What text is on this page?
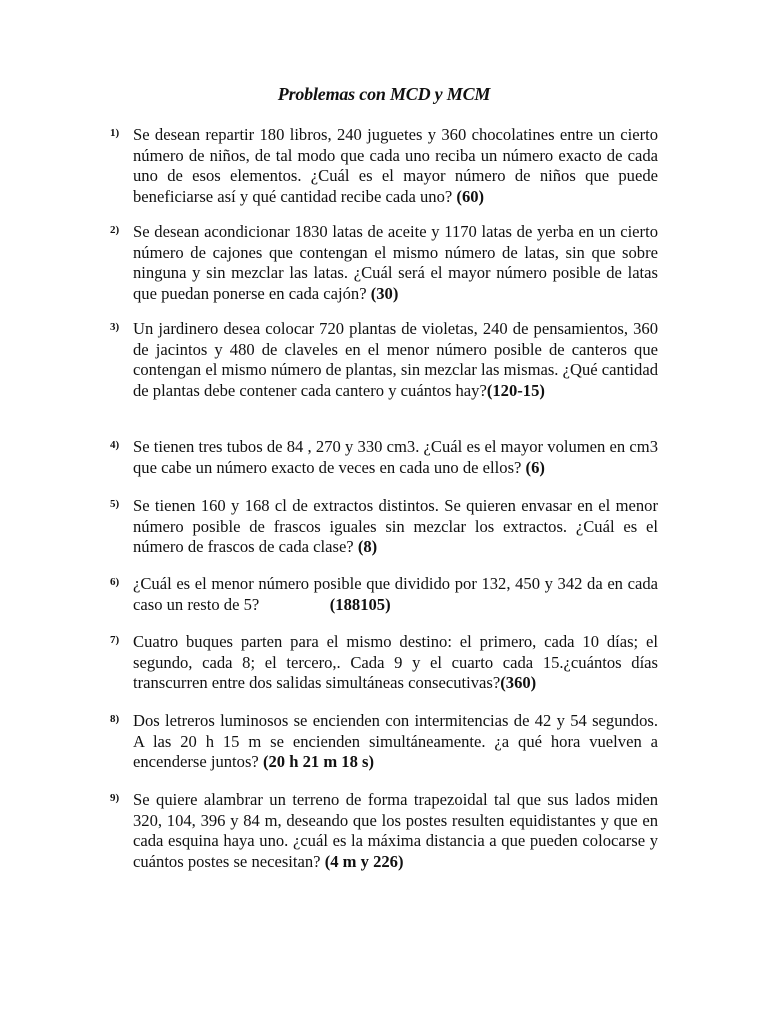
Problemas con MCD y MCM
1) Se desean repartir 180 libros, 240 juguetes y 360 chocolatines entre un cierto número de niños, de tal modo que cada uno reciba un número exacto de cada uno de esos elementos. ¿Cuál es el mayor número de niños que puede beneficiarse así y qué cantidad recibe cada uno? (60)
2) Se desean acondicionar 1830 latas de aceite y 1170 latas de yerba en un cierto número de cajones que contengan el mismo número de latas, sin que sobre ninguna y sin mezclar las latas. ¿Cuál será el mayor número posible de latas que puedan ponerse en cada cajón? (30)
3) Un jardinero desea colocar 720 plantas de violetas, 240 de pensamientos, 360 de jacintos y 480 de claveles en el menor número posible de canteros que contengan el mismo número de plantas, sin mezclar las mismas. ¿Qué cantidad de plantas debe contener cada cantero y cuántos hay?(120-15)
4) Se tienen tres tubos de 84 , 270 y 330 cm3. ¿Cuál es el mayor volumen en cm3 que cabe un número exacto de veces en cada uno de ellos? (6)
5) Se tienen 160 y 168 cl de extractos distintos. Se quieren envasar en el menor número posible de frascos iguales sin mezclar los extractos. ¿Cuál es el número de frascos de cada clase? (8)
6) ¿Cuál es el menor número posible que dividido por 132, 450 y 342 da en cada caso un resto de 5?                 (188105)
7) Cuatro buques parten para el mismo destino: el primero, cada 10 días; el segundo, cada 8; el tercero,. Cada 9 y el cuarto cada 15.¿cuántos días transcurren entre dos salidas simultáneas consecutivas?(360)
8) Dos letreros luminosos se encienden con intermitencias de 42 y 54 segundos. A las 20 h 15 m se encienden simultáneamente. ¿a qué hora vuelven a encenderse juntos? (20 h 21 m 18 s)
9) Se quiere alambrar un terreno de forma trapezoidal tal que sus lados miden 320, 104, 396 y 84 m, deseando que los postes resulten equidistantes y que en cada esquina haya uno. ¿cuál es la máxima distancia a que pueden colocarse y cuántos postes se necesitan? (4 m y 226)
